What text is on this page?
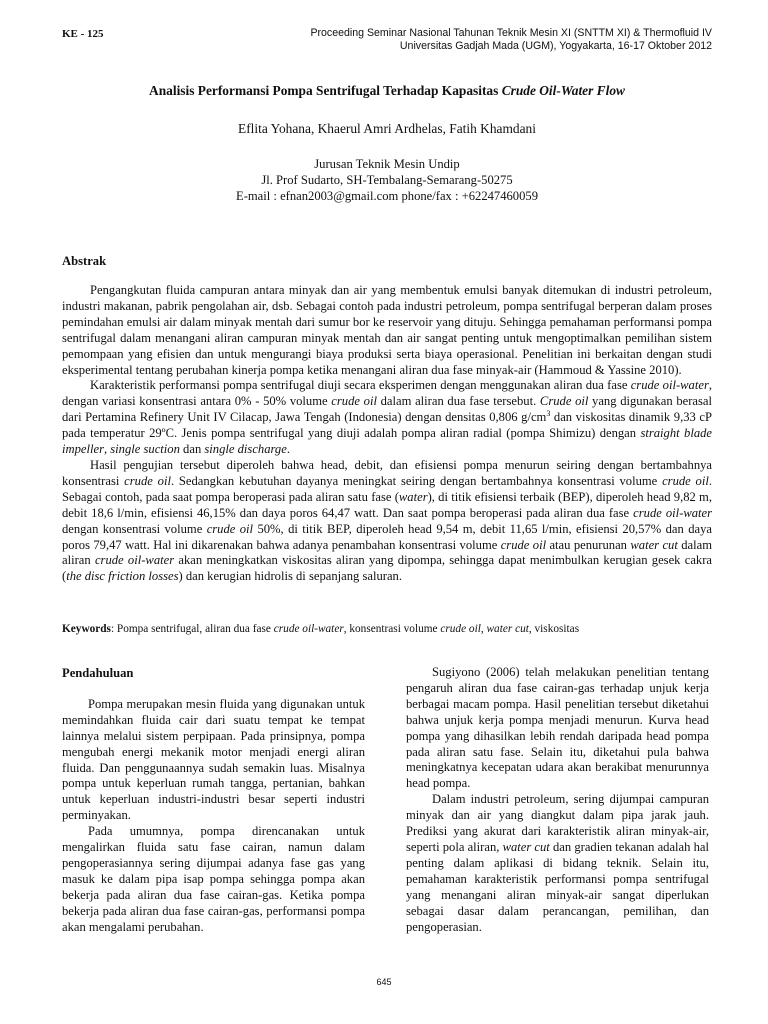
KE - 125	Proceeding Seminar Nasional Tahunan Teknik Mesin XI (SNTTM XI) & Thermofluid IV
Universitas Gadjah Mada (UGM), Yogyakarta, 16-17 Oktober 2012
Analisis Performansi Pompa Sentrifugal Terhadap Kapasitas Crude Oil-Water Flow
Eflita Yohana, Khaerul Amri Ardhelas, Fatih Khamdani
Jurusan Teknik Mesin Undip
Jl. Prof Sudarto, SH-Tembalang-Semarang-50275
E-mail : efnan2003@gmail.com phone/fax : +62247460059
Abstrak

Pengangkutan fluida campuran antara minyak dan air yang membentuk emulsi banyak ditemukan di industri petroleum, industri makanan, pabrik pengolahan air, dsb. Sebagai contoh pada industri petroleum, pompa sentrifugal berperan dalam proses pemindahan emulsi air dalam minyak mentah dari sumur bor ke reservoir yang dituju. Sehingga pemahaman performansi pompa sentrifugal dalam menangani aliran campuran minyak mentah dan air sangat penting untuk mengoptimalkan pemilihan sistem pemompaan yang efisien dan untuk mengurangi biaya produksi serta biaya operasional. Penelitian ini berkaitan dengan studi eksperimental tentang perubahan kinerja pompa ketika menangani aliran dua fase minyak-air (Hammoud & Yassine 2010).

Karakteristik performansi pompa sentrifugal diuji secara eksperimen dengan menggunakan aliran dua fase crude oil-water, dengan variasi konsentrasi antara 0% - 50% volume crude oil dalam aliran dua fase tersebut. Crude oil yang digunakan berasal dari Pertamina Refinery Unit IV Cilacap, Jawa Tengah (Indonesia) dengan densitas 0,806 $g/cm^3$ dan viskositas dinamik 9,33 cP pada temperatur 29ºC. Jenis pompa sentrifugal yang diuji adalah pompa aliran radial (pompa Shimizu) dengan straight blade impeller, single suction dan single discharge.

Hasil pengujian tersebut diperoleh bahwa head, debit, dan efisiensi pompa menurun seiring dengan bertambahnya konsentrasi crude oil. Sedangkan kebutuhan dayanya meningkat seiring dengan bertambahnya konsentrasi volume crude oil. Sebagai contoh, pada saat pompa beroperasi pada aliran satu fase (water), di titik efisiensi terbaik (BEP), diperoleh head 9,82 m, debit 18,6 l/min, efisiensi 46,15% dan daya poros 64,47 watt. Dan saat pompa beroperasi pada aliran dua fase crude oil-water dengan konsentrasi volume crude oil 50%, di titik BEP, diperoleh head 9,54 m, debit 11,65 l/min, efisiensi 20,57% dan daya poros 79,47 watt. Hal ini dikarenakan bahwa adanya penambahan konsentrasi volume crude oil atau penurunan water cut dalam aliran crude oil-water akan meningkatkan viskositas aliran yang dipompa, sehingga dapat menimbulkan kerugian gesek cakra (the disc friction losses) dan kerugian hidrolis di sepanjang saluran.

Keywords: Pompa sentrifugal, aliran dua fase crude oil-water, konsentrasi volume crude oil, water cut, viskositas
Pendahuluan

Pompa merupakan mesin fluida yang digunakan untuk memindahkan fluida cair dari suatu tempat ke tempat lainnya melalui sistem perpipaan. Pada prinsipnya, pompa mengubah energi mekanik motor menjadi energi aliran fluida. Dan penggunaannya sudah semakin luas. Misalnya pompa untuk keperluan rumah tangga, pertanian, bahkan untuk keperluan industri-industri besar seperti industri perminyakan.

Pada umumnya, pompa direncanakan untuk mengalirkan fluida satu fase cairan, namun dalam pengoperasiannya sering dijumpai adanya fase gas yang masuk ke dalam pipa isap pompa sehingga pompa akan bekerja pada aliran dua fase cairan-gas. Ketika pompa bekerja pada aliran dua fase cairan-gas, performansi pompa akan mengalami perubahan.

Sugiyono (2006) telah melakukan penelitian tentang pengaruh aliran dua fase cairan-gas terhadap unjuk kerja berbagai macam pompa. Hasil penelitian tersebut diketahui bahwa unjuk kerja pompa menjadi menurun. Kurva head pompa yang dihasilkan lebih rendah daripada head pompa pada aliran satu fase. Selain itu, diketahui pula bahwa meningkatnya kecepatan udara akan berakibat menurunnya head pompa.

Dalam industri petroleum, sering dijumpai campuran minyak dan air yang diangkut dalam pipa jarak jauh. Prediksi yang akurat dari karakteristik aliran minyak-air, seperti pola aliran, water cut dan gradien tekanan adalah hal penting dalam aplikasi di bidang teknik. Selain itu, pemahaman karakteristik performansi pompa sentrifugal yang menangani aliran minyak-air sangat diperlukan sebagai dasar dalam perancangan, pemilihan, dan pengoperasian.

645
